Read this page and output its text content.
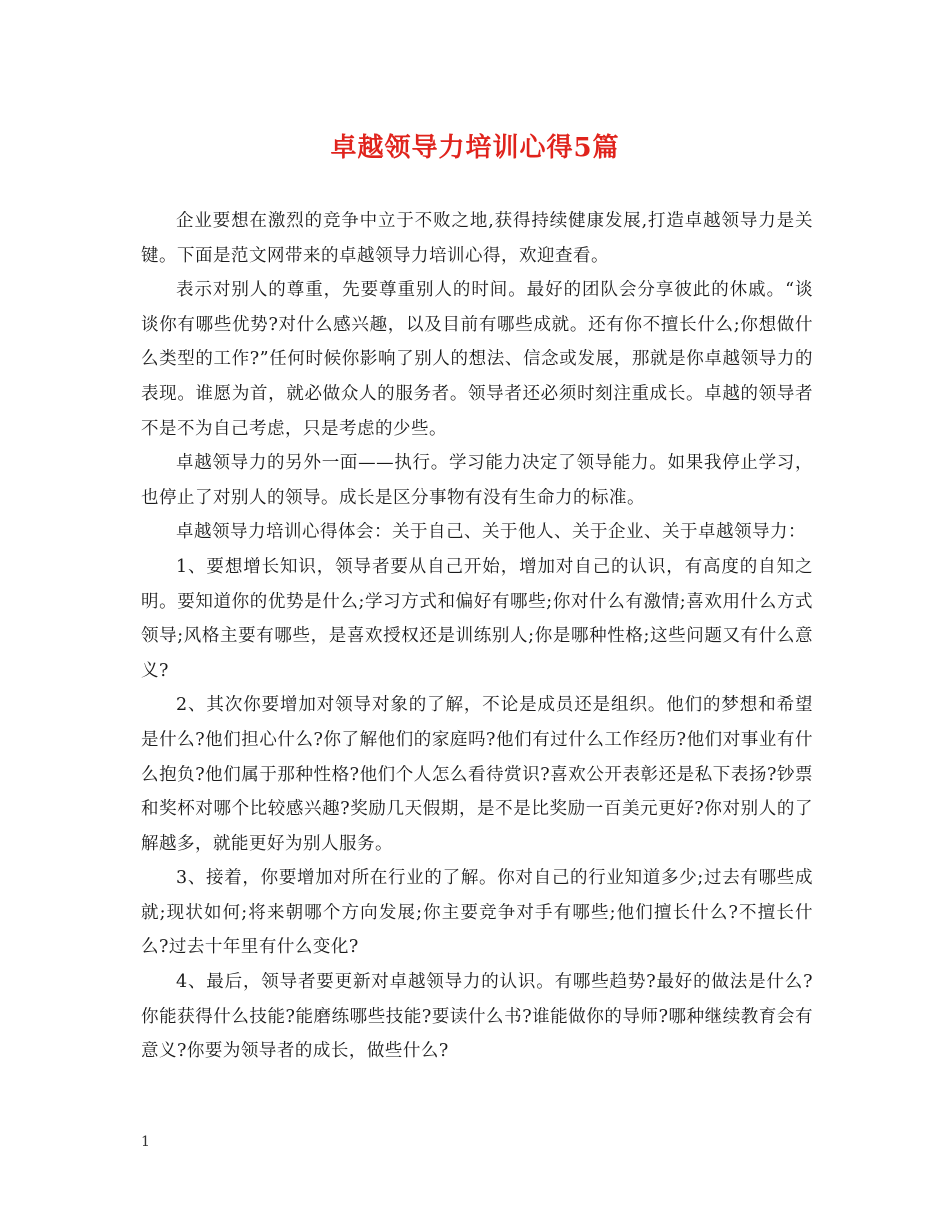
卓越领导力培训心得5篇

企业要想在激烈的竞争中立于不败之地,获得持续健康发展,打造卓越领导力是关键。下面是范文网带来的卓越领导力培训心得，欢迎查看。

表示对别人的尊重，先要尊重别人的时间。最好的团队会分享彼此的休戚。“谈谈你有哪些优势?对什么感兴趣，以及目前有哪些成就。还有你不擅长什么;你想做什么类型的工作?”任何时候你影响了别人的想法、信念或发展，那就是你卓越领导力的表现。谁愿为首，就必做众人的服务者。领导者还必须时刻注重成长。卓越的领导者不是不为自己考虑，只是考虑的少些。

卓越领导力的另外一面——执行。学习能力决定了领导能力。如果我停止学习，也停止了对别人的领导。成长是区分事物有没有生命力的标准。

卓越领导力培训心得体会：关于自己、关于他人、关于企业、关于卓越领导力：

1、要想增长知识，领导者要从自己开始，增加对自己的认识，有高度的自知之明。要知道你的优势是什么;学习方式和偏好有哪些;你对什么有激情;喜欢用什么方式领导;风格主要有哪些，是喜欢授权还是训练别人;你是哪种性格;这些问题又有什么意义?

2、其次你要增加对领导对象的了解，不论是成员还是组织。他们的梦想和希望是什么?他们担心什么?你了解他们的家庭吗?他们有过什么工作经历?他们对事业有什么抱负?他们属于那种性格?他们个人怎么看待赏识?喜欢公开表彰还是私下表扬?钞票和奖杯对哪个比较感兴趣?奖励几天假期，是不是比奖励一百美元更好?你对别人的了解越多，就能更好为别人服务。

3、接着，你要增加对所在行业的了解。你对自己的行业知道多少;过去有哪些成就;现状如何;将来朝哪个方向发展;你主要竞争对手有哪些;他们擅长什么?不擅长什么?过去十年里有什么变化?

4、最后，领导者要更新对卓越领导力的认识。有哪些趋势?最好的做法是什么?你能获得什么技能?能磨练哪些技能?要读什么书?谁能做你的导师?哪种继续教育会有意义?你要为领导者的成长，做些什么?

1
